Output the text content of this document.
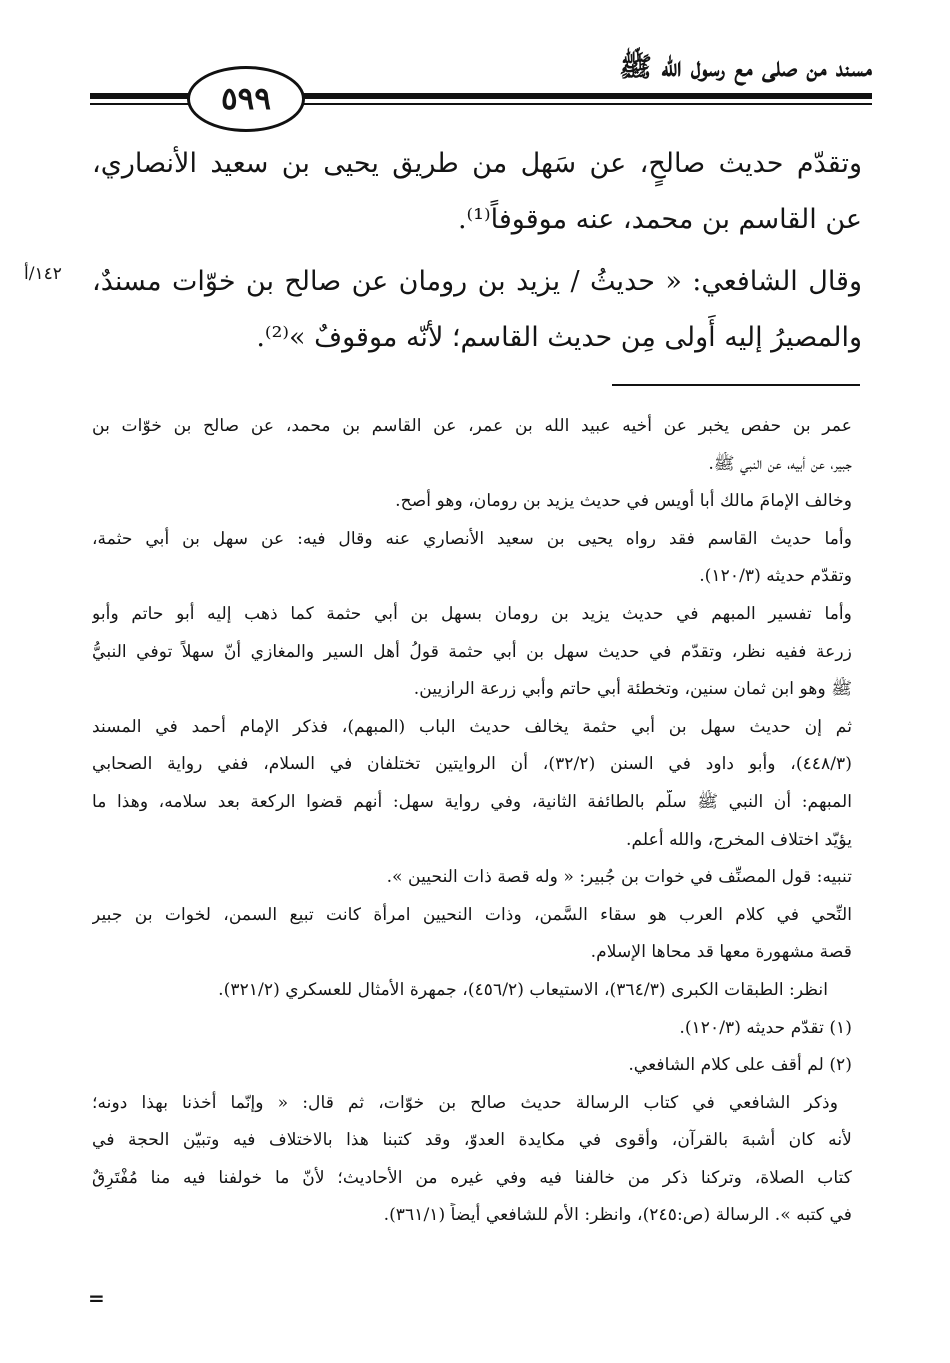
مسند من صلى مع رسول الله ﷺ
٥٩٩
١٤٢/أ
وتقدّم حديث صالحٍ، عن سَهل من طريق يحيى بن سعيد الأنصاري،
عن القاسم بن محمد، عنه موقوفاً⁽¹⁾.
وقال الشافعي: « حديثُ / يزيد بن رومان عن صالح بن خوّات مسندٌ،
والمصيرُ إليه أَولى مِن حديث القاسم؛ لأنّه موقوفٌ »⁽²⁾.
عمر بن حفص يخبر عن أخيه عبيد الله بن عمر، عن القاسم بن محمد، عن صالح بن خوّات بن
جبير، عن أبيه، عن النبي ﷺ.
وخالف الإمامَ مالك أبا أويس في حديث يزيد بن رومان، وهو أصح.
وأما حديث القاسم فقد رواه يحيى بن سعيد الأنصاري عنه وقال فيه: عن سهل بن أبي حثمة،
وتقدّم حديثه (١٢٠/٣).
وأما تفسير المبهم في حديث يزيد بن رومان بسهل بن أبي حثمة كما ذهب إليه أبو حاتم وأبو
زرعة ففيه نظر، وتقدّم في حديث سهل بن أبي حثمة قولُ أهل السير والمغازي أنّ سهلاً توفي النبيُّ
ﷺ وهو ابن ثمان سنين، وتخطئة أبي حاتم وأبي زرعة الرازيين.
ثم إن حديث سهل بن أبي حثمة يخالف حديث الباب (المبهم)، فذكر الإمام أحمد في المسند
(٤٤٨/٣)، وأبو داود في السنن (٣٢/٢)، أن الروايتين تختلفان في السلام، ففي رواية الصحابي
المبهم: أن النبي ﷺ سلّم بالطائفة الثانية، وفي رواية سهل: أنهم قضوا الركعة بعد سلامه، وهذا ما
يؤيّد اختلاف المخرج، والله أعلم.
تنبيه: قول المصنِّف في خوات بن جُبير: « وله قصة ذات النحيين ».
النِّحي في كلام العرب هو سقاء السَّمن، وذات النحيين امرأة كانت تبيع السمن، لخوات بن جبير
قصة مشهورة معها قد محاها الإسلام.
انظر: الطبقات الكبرى (٣٦٤/٣)، الاستيعاب (٤٥٦/٢)، جمهرة الأمثال للعسكري (٣٢١/٢).
(١) تقدّم حديثه (١٢٠/٣).
(٢) لم أقف على كلام الشافعي.
وذكر الشافعي في كتاب الرسالة حديث صالح بن خوّات، ثم قال: « وإنّما أخذنا بهذا دونه؛
لأنه كان أشبهَ بالقرآن، وأقوى في مكايدة العدوّ، وقد كتبنا هذا بالاختلاف فيه وتبيّن الحجة في
كتاب الصلاة، وتركنا ذكر من خالفنا فيه وفي غيره من الأحاديث؛ لأنّ ما خولفنا فيه منا مُفْتَرِقٌ
في كتبه ». الرسالة (ص:٢٤٥)، وانظر: الأم للشافعي أيضاً (٣٦١/١).
=
